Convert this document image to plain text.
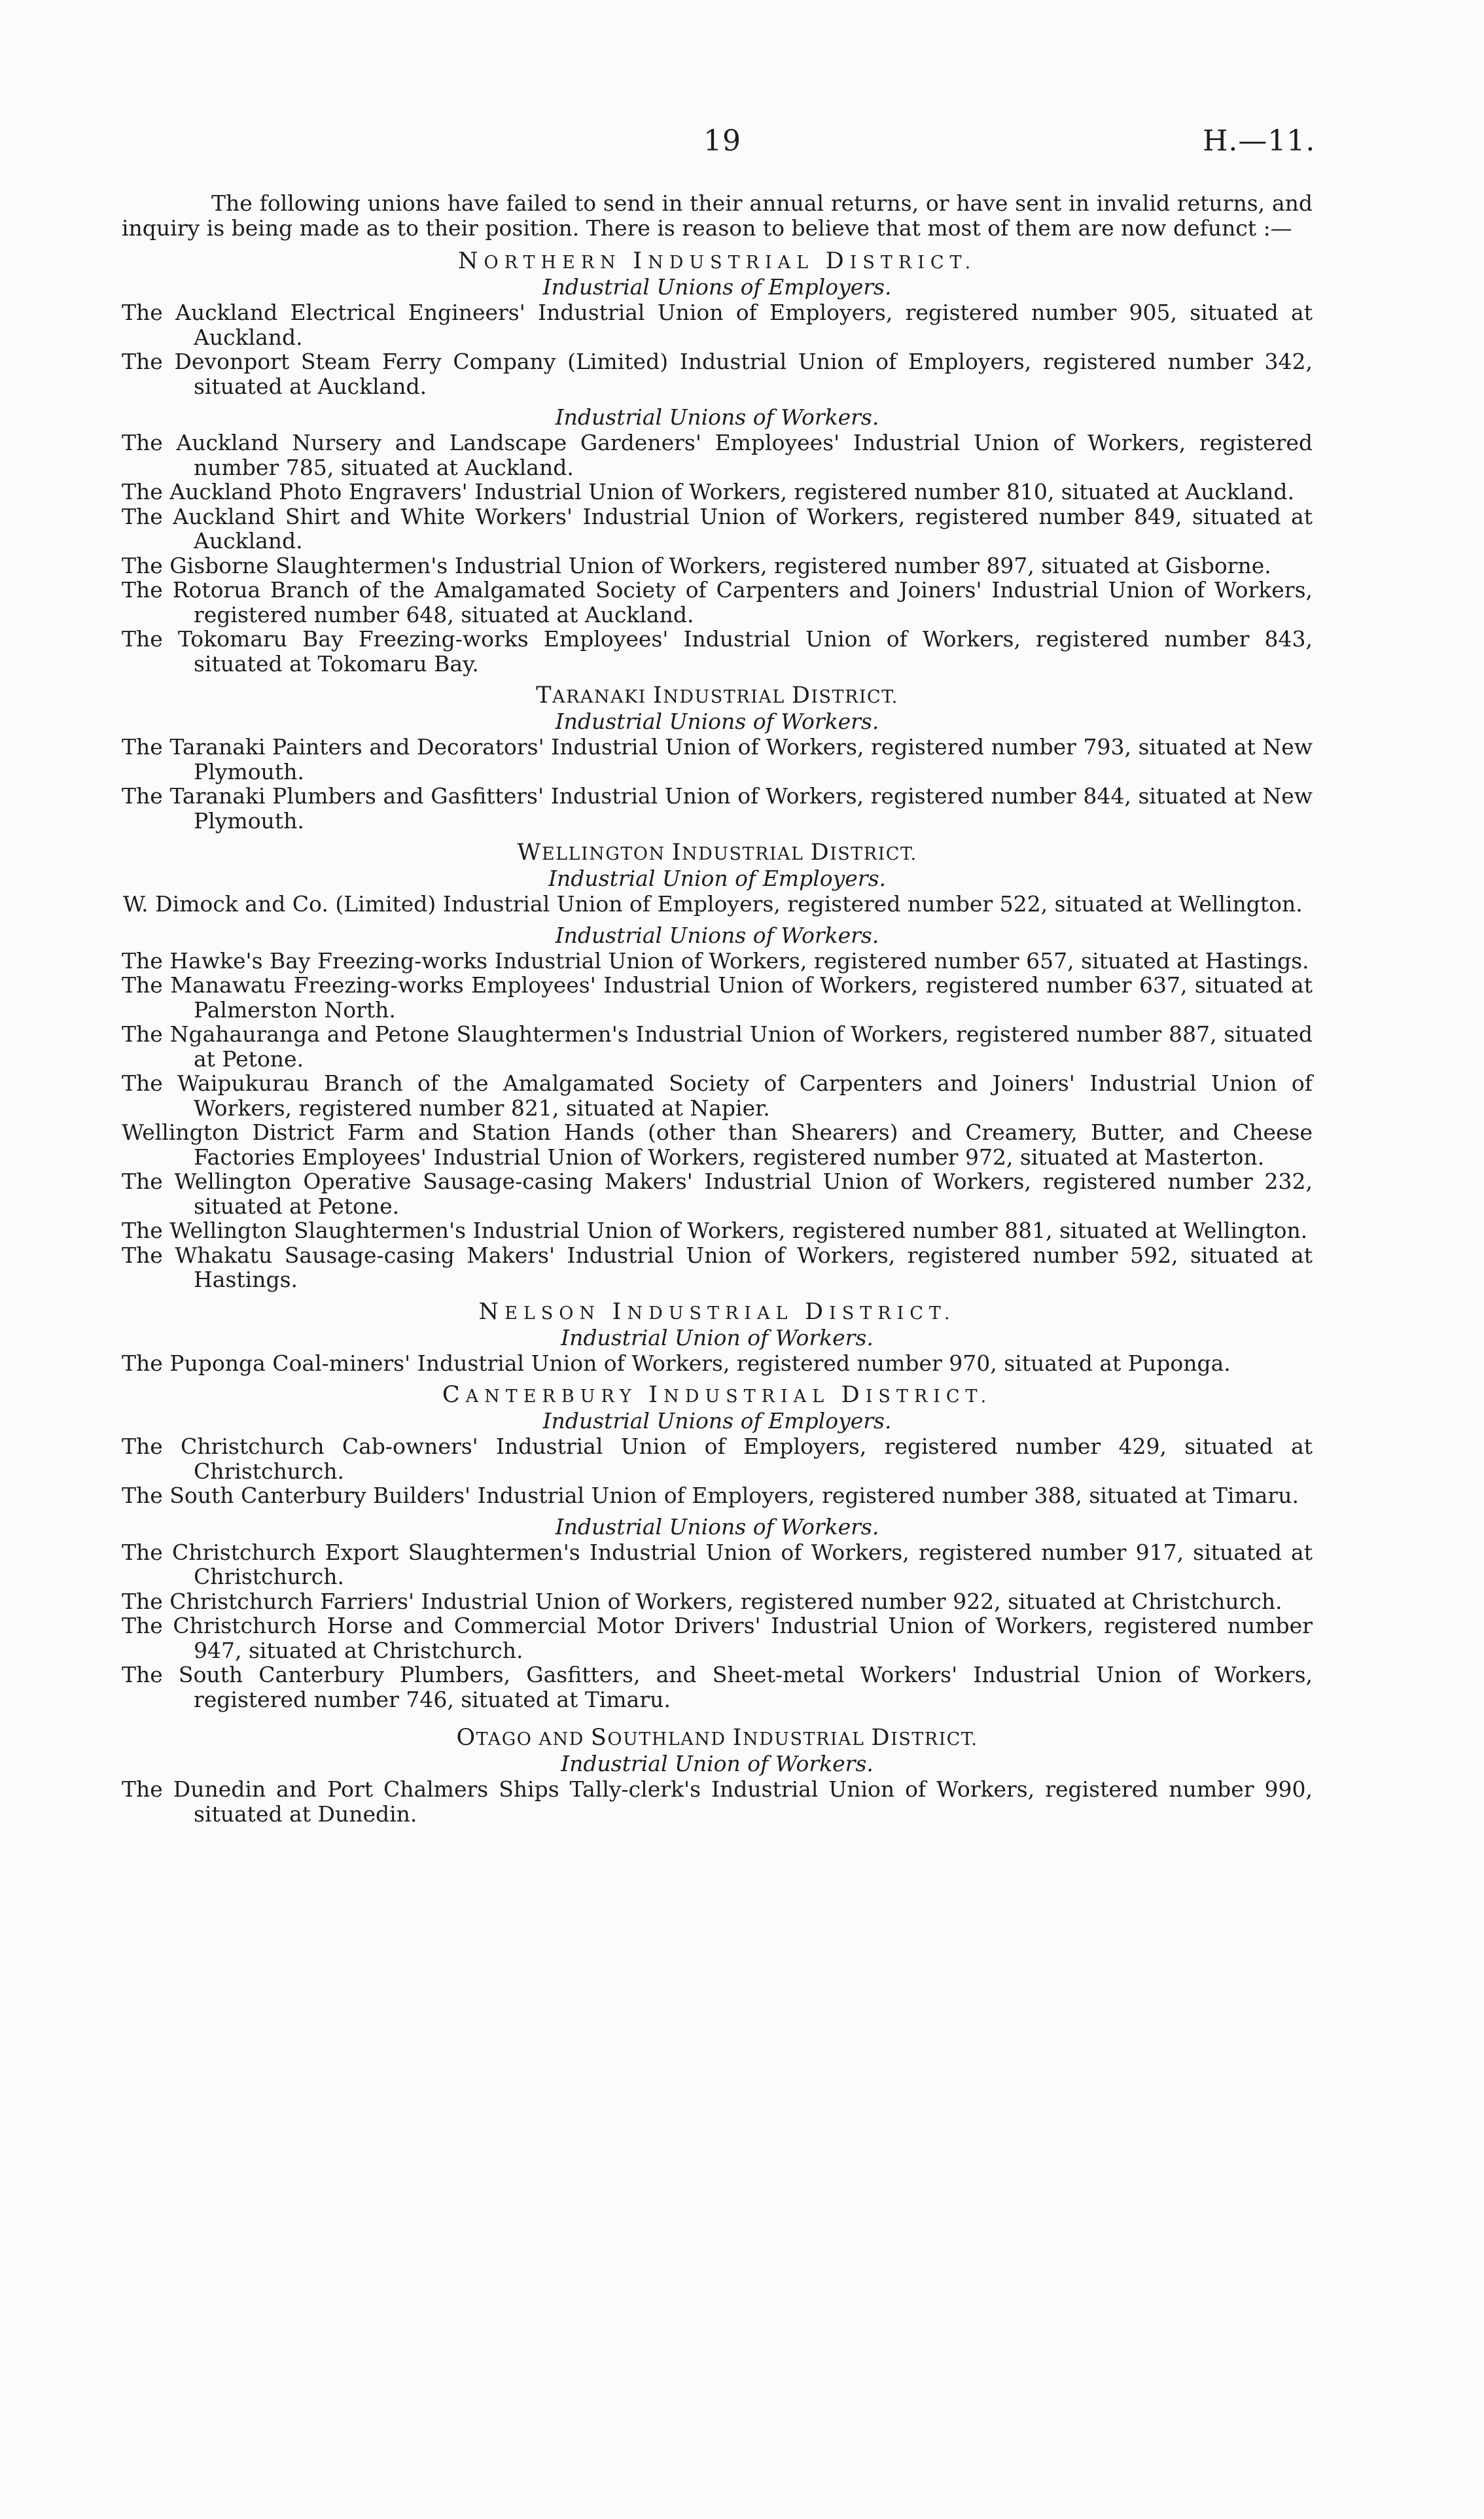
19	H.—11.

The following unions have failed to send in their annual returns, or have sent in invalid returns, and inquiry is being made as to their position. There is reason to believe that most of them are now defunct :—

NORTHERN INDUSTRIAL DISTRICT.

Industrial Unions of Employers.

The Auckland Electrical Engineers' Industrial Union of Employers, registered number 905, situated at Auckland.

The Devonport Steam Ferry Company (Limited) Industrial Union of Employers, registered number 342, situated at Auckland.

Industrial Unions of Workers.

The Auckland Nursery and Landscape Gardeners' Employees' Industrial Union of Workers, registered number 785, situated at Auckland.

The Auckland Photo Engravers' Industrial Union of Workers, registered number 810, situated at Auckland.

The Auckland Shirt and White Workers' Industrial Union of Workers, registered number 849, situated at Auckland.

The Gisborne Slaughtermen's Industrial Union of Workers, registered number 897, situated at Gisborne.

The Rotorua Branch of the Amalgamated Society of Carpenters and Joiners' Industrial Union of Workers, registered number 648, situated at Auckland.

The Tokomaru Bay Freezing-works Employees' Industrial Union of Workers, registered number 843, situated at Tokomaru Bay.

TARANAKI INDUSTRIAL DISTRICT.

Industrial Unions of Workers.

The Taranaki Painters and Decorators' Industrial Union of Workers, registered number 793, situated at New Plymouth.

The Taranaki Plumbers and Gasfitters' Industrial Union of Workers, registered number 844, situated at New Plymouth.

WELLINGTON INDUSTRIAL DISTRICT.

Industrial Union of Employers.

W. Dimock and Co. (Limited) Industrial Union of Employers, registered number 522, situated at Wellington.

Industrial Unions of Workers.

The Hawke's Bay Freezing-works Industrial Union of Workers, registered number 657, situated at Hastings.

The Manawatu Freezing-works Employees' Industrial Union of Workers, registered number 637, situated at Palmerston North.

The Ngahauranga and Petone Slaughtermen's Industrial Union of Workers, registered number 887, situated at Petone.

The Waipukurau Branch of the Amalgamated Society of Carpenters and Joiners' Industrial Union of Workers, registered number 821, situated at Napier.

Wellington District Farm and Station Hands (other than Shearers) and Creamery, Butter, and Cheese Factories Employees' Industrial Union of Workers, registered number 972, situated at Masterton.

The Wellington Operative Sausage-casing Makers' Industrial Union of Workers, registered number 232, situated at Petone.

The Wellington Slaughtermen's Industrial Union of Workers, registered number 881, situated at Wellington.

The Whakatu Sausage-casing Makers' Industrial Union of Workers, registered number 592, situated at Hastings.

NELSON INDUSTRIAL DISTRICT.

Industrial Union of Workers.

The Puponga Coal-miners' Industrial Union of Workers, registered number 970, situated at Puponga.

CANTERBURY INDUSTRIAL DISTRICT.

Industrial Unions of Employers.

The Christchurch Cab-owners' Industrial Union of Employers, registered number 429, situated at Christchurch.

The South Canterbury Builders' Industrial Union of Employers, registered number 388, situated at Timaru.

Industrial Unions of Workers.

The Christchurch Export Slaughtermen's Industrial Union of Workers, registered number 917, situated at Christchurch.

The Christchurch Farriers' Industrial Union of Workers, registered number 922, situated at Christchurch.

The Christchurch Horse and Commercial Motor Drivers' Industrial Union of Workers, registered number 947, situated at Christchurch.

The South Canterbury Plumbers, Gasfitters, and Sheet-metal Workers' Industrial Union of Workers, registered number 746, situated at Timaru.

OTAGO AND SOUTHLAND INDUSTRIAL DISTRICT.

Industrial Union of Workers.

The Dunedin and Port Chalmers Ships Tally-clerk's Industrial Union of Workers, registered number 990, situated at Dunedin.
